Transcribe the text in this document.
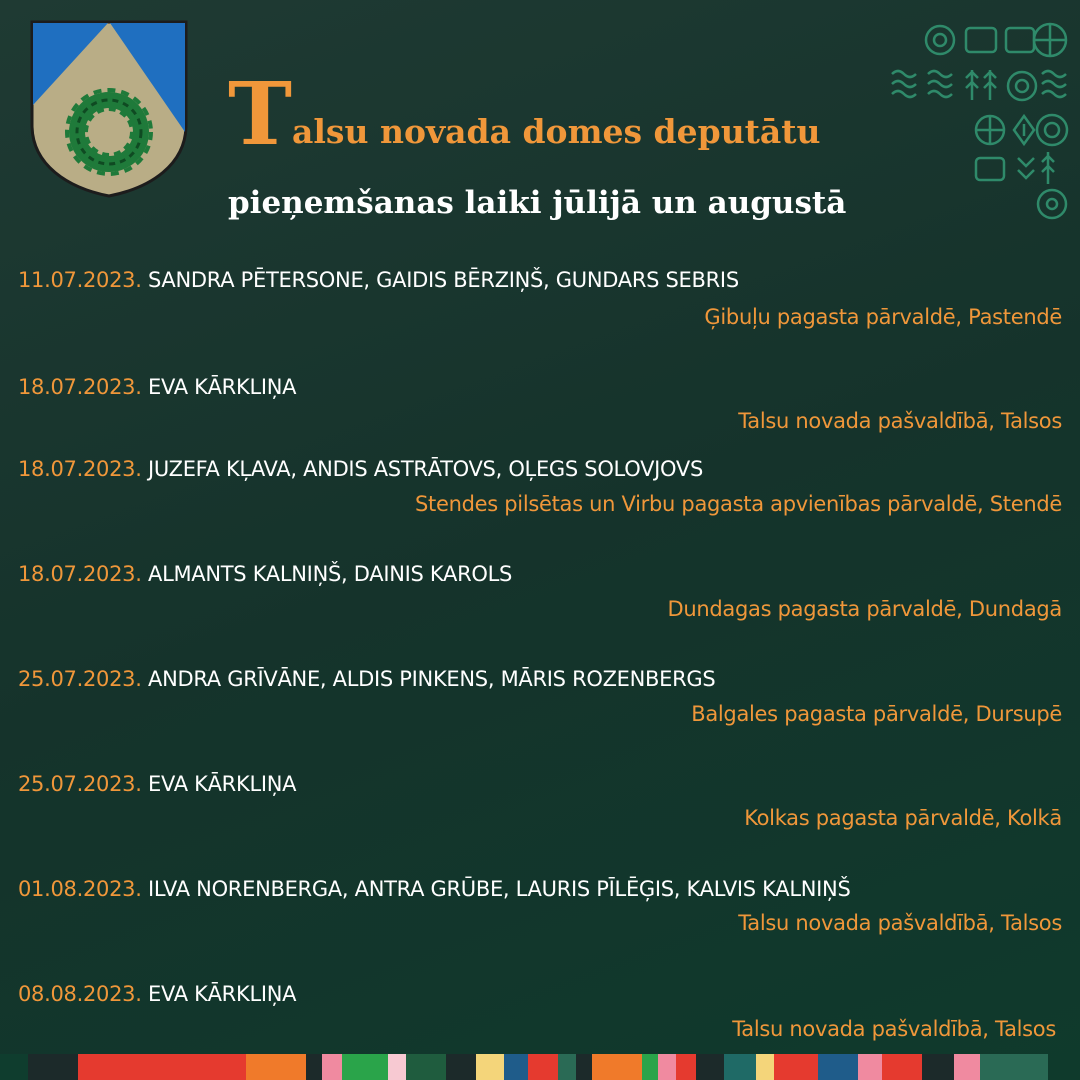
Talsu novada domes deputātu
pieņemšanas laiki jūlijā un augustā
11.07.2023. SANDRA PĒTERSONE, GAIDIS BĒRZIŅŠ, GUNDARS SEBRIS
Ģibuļu pagasta pārvaldē, Pastendē
18.07.2023. EVA KĀRKLIŅA
Talsu novada pašvaldībā, Talsos
18.07.2023. JUZEFA KĻAVA, ANDIS ASTRĀTOVS, OĻEGS SOLOVJOVS
Stendes pilsētas un Virbu pagasta apvienības pārvaldē, Stendē
18.07.2023. ALMANTS KALNIŅŠ, DAINIS KAROLS
Dundagas pagasta pārvaldē, Dundagā
25.07.2023. ANDRA GRĪVĀNE, ALDIS PINKENS, MĀRIS ROZENBERGS
Balgales pagasta pārvaldē, Dursupē
25.07.2023. EVA KĀRKLIŅA
Kolkas pagasta pārvaldē, Kolkā
01.08.2023. ILVA NORENBERGA, ANTRA GRŪBE, LAURIS PĪLĒĢIS, KALVIS KALNIŅŠ
Talsu novada pašvaldībā, Talsos
08.08.2023. EVA KĀRKLIŅA
Talsu novada pašvaldībā, Talsos
